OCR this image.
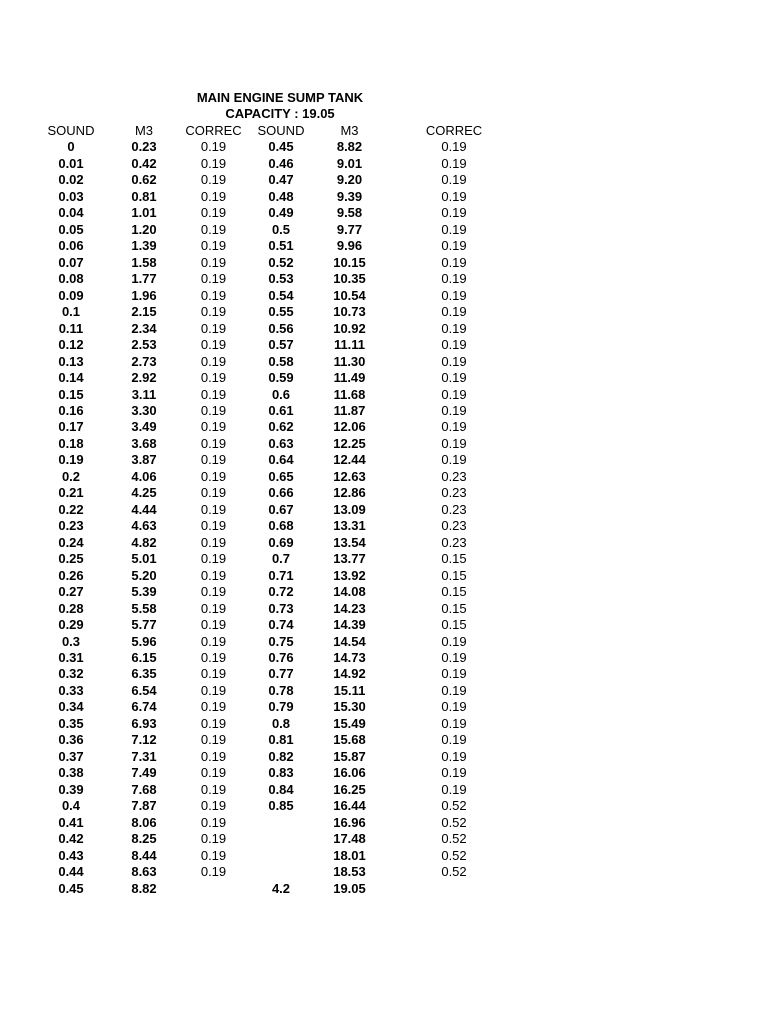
MAIN ENGINE SUMP TANK
CAPACITY : 19.05
	SOUND	M3	CORREC	SOUND	M3	CORREC
	0	0.23	0.19	0.45	8.82	0.19
	0.01	0.42	0.19	0.46	9.01	0.19
	0.02	0.62	0.19	0.47	9.20	0.19
	0.03	0.81	0.19	0.48	9.39	0.19
	0.04	1.01	0.19	0.49	9.58	0.19
	0.05	1.20	0.19	0.5	9.77	0.19
	0.06	1.39	0.19	0.51	9.96	0.19
	0.07	1.58	0.19	0.52	10.15	0.19
	0.08	1.77	0.19	0.53	10.35	0.19
	0.09	1.96	0.19	0.54	10.54	0.19
	0.1	2.15	0.19	0.55	10.73	0.19
	0.11	2.34	0.19	0.56	10.92	0.19
	0.12	2.53	0.19	0.57	11.11	0.19
	0.13	2.73	0.19	0.58	11.30	0.19
	0.14	2.92	0.19	0.59	11.49	0.19
	0.15	3.11	0.19	0.6	11.68	0.19
	0.16	3.30	0.19	0.61	11.87	0.19
	0.17	3.49	0.19	0.62	12.06	0.19
	0.18	3.68	0.19	0.63	12.25	0.19
	0.19	3.87	0.19	0.64	12.44	0.19
	0.2	4.06	0.19	0.65	12.63	0.23
	0.21	4.25	0.19	0.66	12.86	0.23
	0.22	4.44	0.19	0.67	13.09	0.23
	0.23	4.63	0.19	0.68	13.31	0.23
	0.24	4.82	0.19	0.69	13.54	0.23
	0.25	5.01	0.19	0.7	13.77	0.15
	0.26	5.20	0.19	0.71	13.92	0.15
	0.27	5.39	0.19	0.72	14.08	0.15
	0.28	5.58	0.19	0.73	14.23	0.15
	0.29	5.77	0.19	0.74	14.39	0.15
	0.3	5.96	0.19	0.75	14.54	0.19
	0.31	6.15	0.19	0.76	14.73	0.19
	0.32	6.35	0.19	0.77	14.92	0.19
	0.33	6.54	0.19	0.78	15.11	0.19
	0.34	6.74	0.19	0.79	15.30	0.19
	0.35	6.93	0.19	0.8	15.49	0.19
	0.36	7.12	0.19	0.81	15.68	0.19
	0.37	7.31	0.19	0.82	15.87	0.19
	0.38	7.49	0.19	0.83	16.06	0.19
	0.39	7.68	0.19	0.84	16.25	0.19
	0.4	7.87	0.19	0.85	16.44	0.52
	0.41	8.06	0.19		16.96	0.52
	0.42	8.25	0.19		17.48	0.52
	0.43	8.44	0.19		18.01	0.52
	0.44	8.63	0.19		18.53	0.52
	0.45	8.82		4.2	19.05	
